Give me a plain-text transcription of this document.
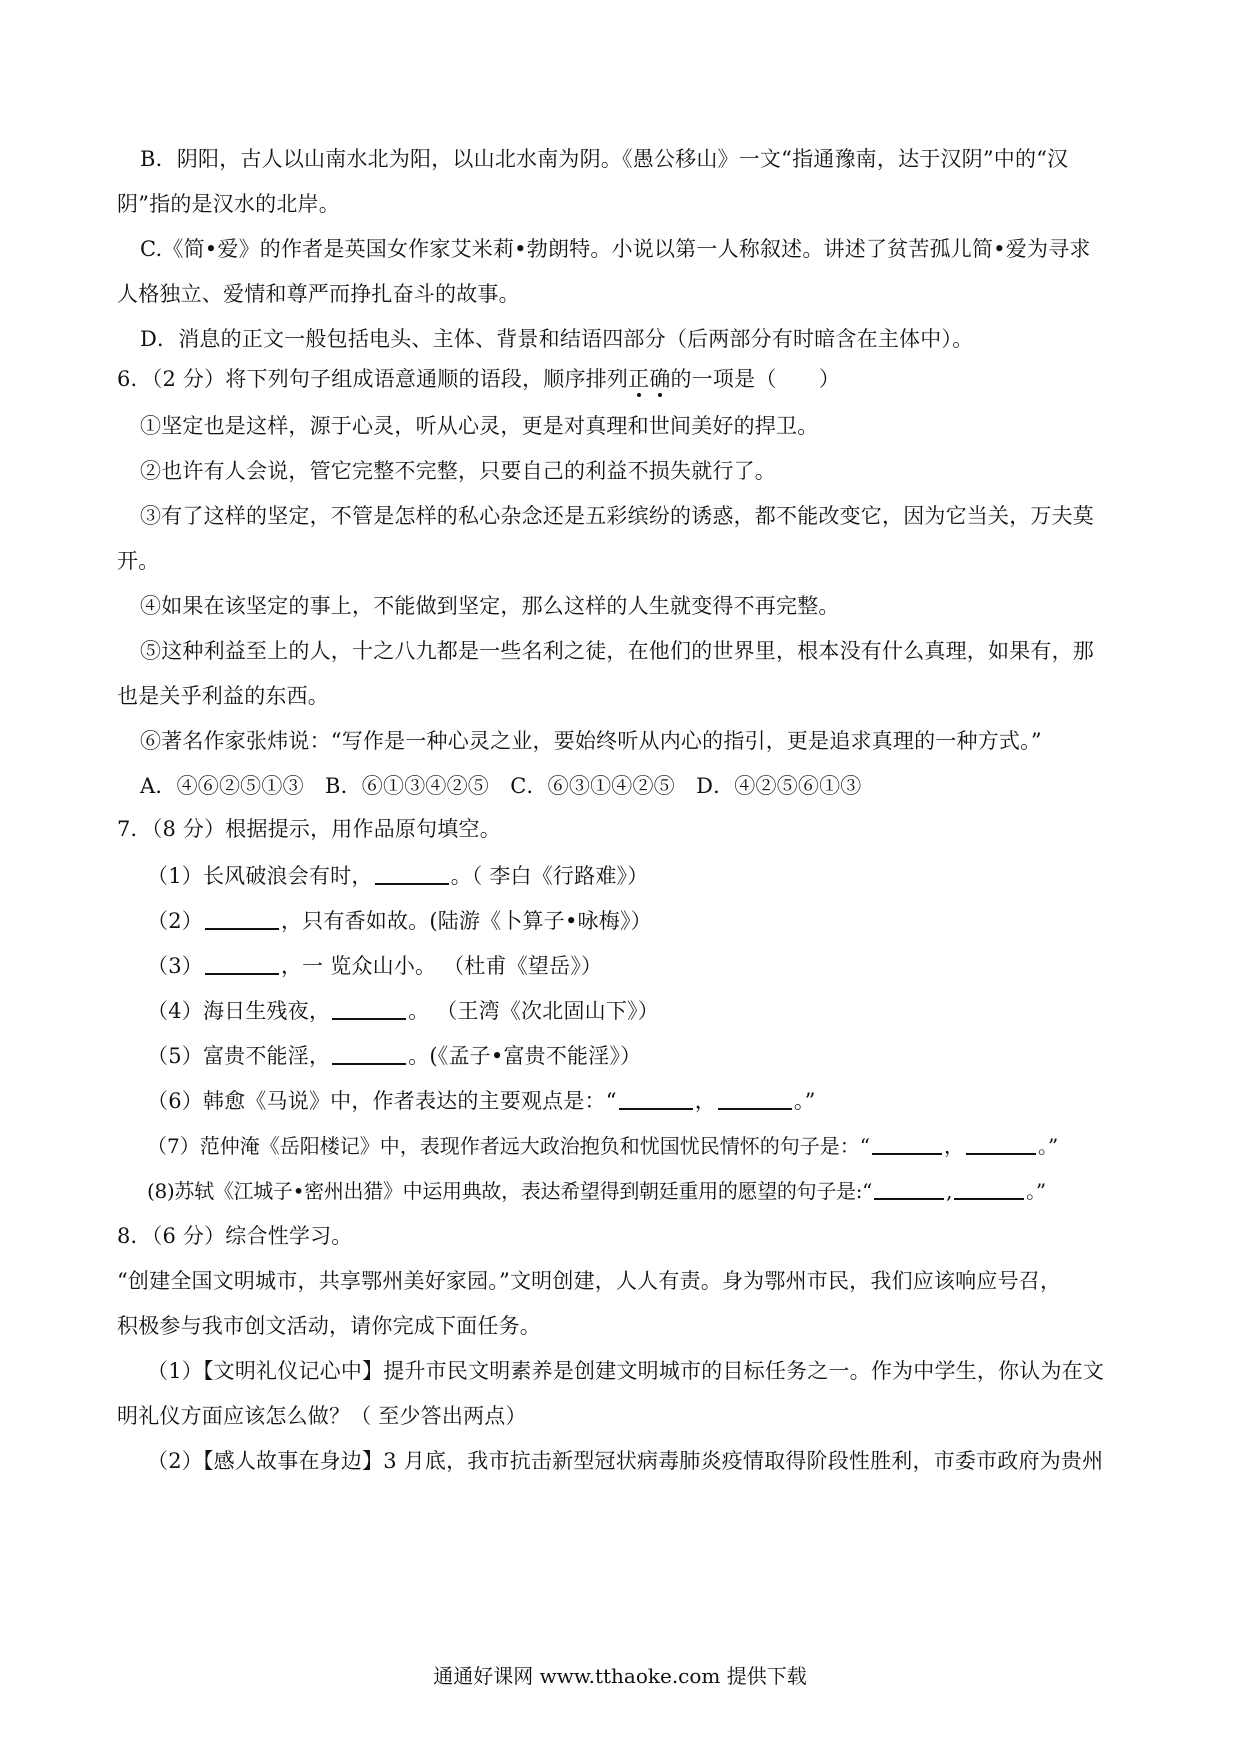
B．阴阳，古人以山南水北为阳，以山北水南为阴。《愚公移山》一文“指通豫南，达于汉阴”中的“汉
阴”指的是汉水的北岸。
C.《简•爱》的作者是英国女作家艾米莉•勃朗特。小说以第一人称叙述。讲述了贫苦孤儿简•爱为寻求
人格独立、爱情和尊严而挣扎奋斗的故事。
D．消息的正文一般包括电头、主体、背景和结语四部分（后两部分有时暗含在主体中）。
6．（2 分）将下列句子组成语意通顺的语段，顺序排列正确的一项是（　　）
①坚定也是这样，源于心灵，听从心灵，更是对真理和世间美好的捍卫。
②也许有人会说，管它完整不完整，只要自己的利益不损失就行了。
③有了这样的坚定，不管是怎样的私心杂念还是五彩缤纷的诱惑，都不能改变它，因为它当关，万夫莫
开。
④如果在该坚定的事上，不能做到坚定，那么这样的人生就变得不再完整。
⑤这种利益至上的人，十之八九都是一些名利之徒，在他们的世界里，根本没有什么真理，如果有，那
也是关乎利益的东西。
⑥著名作家张炜说：“写作是一种心灵之业，要始终听从内心的指引，更是追求真理的一种方式。”
A．④⑥②⑤①③　B．⑥①③④②⑤　C．⑥③①④②⑤　D．④②⑤⑥①③
7．（8 分）根据提示，用作品原句填空。
（1）长风破浪会有时，	。（ 李白《行路难》）
（2）	，只有香如故。(陆游《卜算子•咏梅》）
（3）	，一 览众山小。 （杜甫《望岳》）
（4）海日生残夜，	。 （王湾《次北固山下》）
（5）富贵不能淫，	。(《孟子•富贵不能淫》）
（6）韩愈《马说》中，作者表达的主要观点是：“	，	。”
（7）范仲淹《岳阳楼记》中，表现作者远大政治抱负和忧国忧民情怀的句子是：“	，	。”
(8)苏轼《江城子•密州出猎》中运用典故，表达希望得到朝廷重用的愿望的句子是:“	,	。”
8．（6 分）综合性学习。
“创建全国文明城市，共享鄂州美好家园。”文明创建，人人有责。身为鄂州市民，我们应该响应号召，
积极参与我市创文活动，请你完成下面任务。
（1）【文明礼仪记心中】提升市民文明素养是创建文明城市的目标任务之一。作为中学生，你认为在文
明礼仪方面应该怎么做？（ 至少答出两点）
（2）【感人故事在身边】3 月底，我市抗击新型冠状病毒肺炎疫情取得阶段性胜利，市委市政府为贵州
通通好课网 www.tthaoke.com 提供下载
